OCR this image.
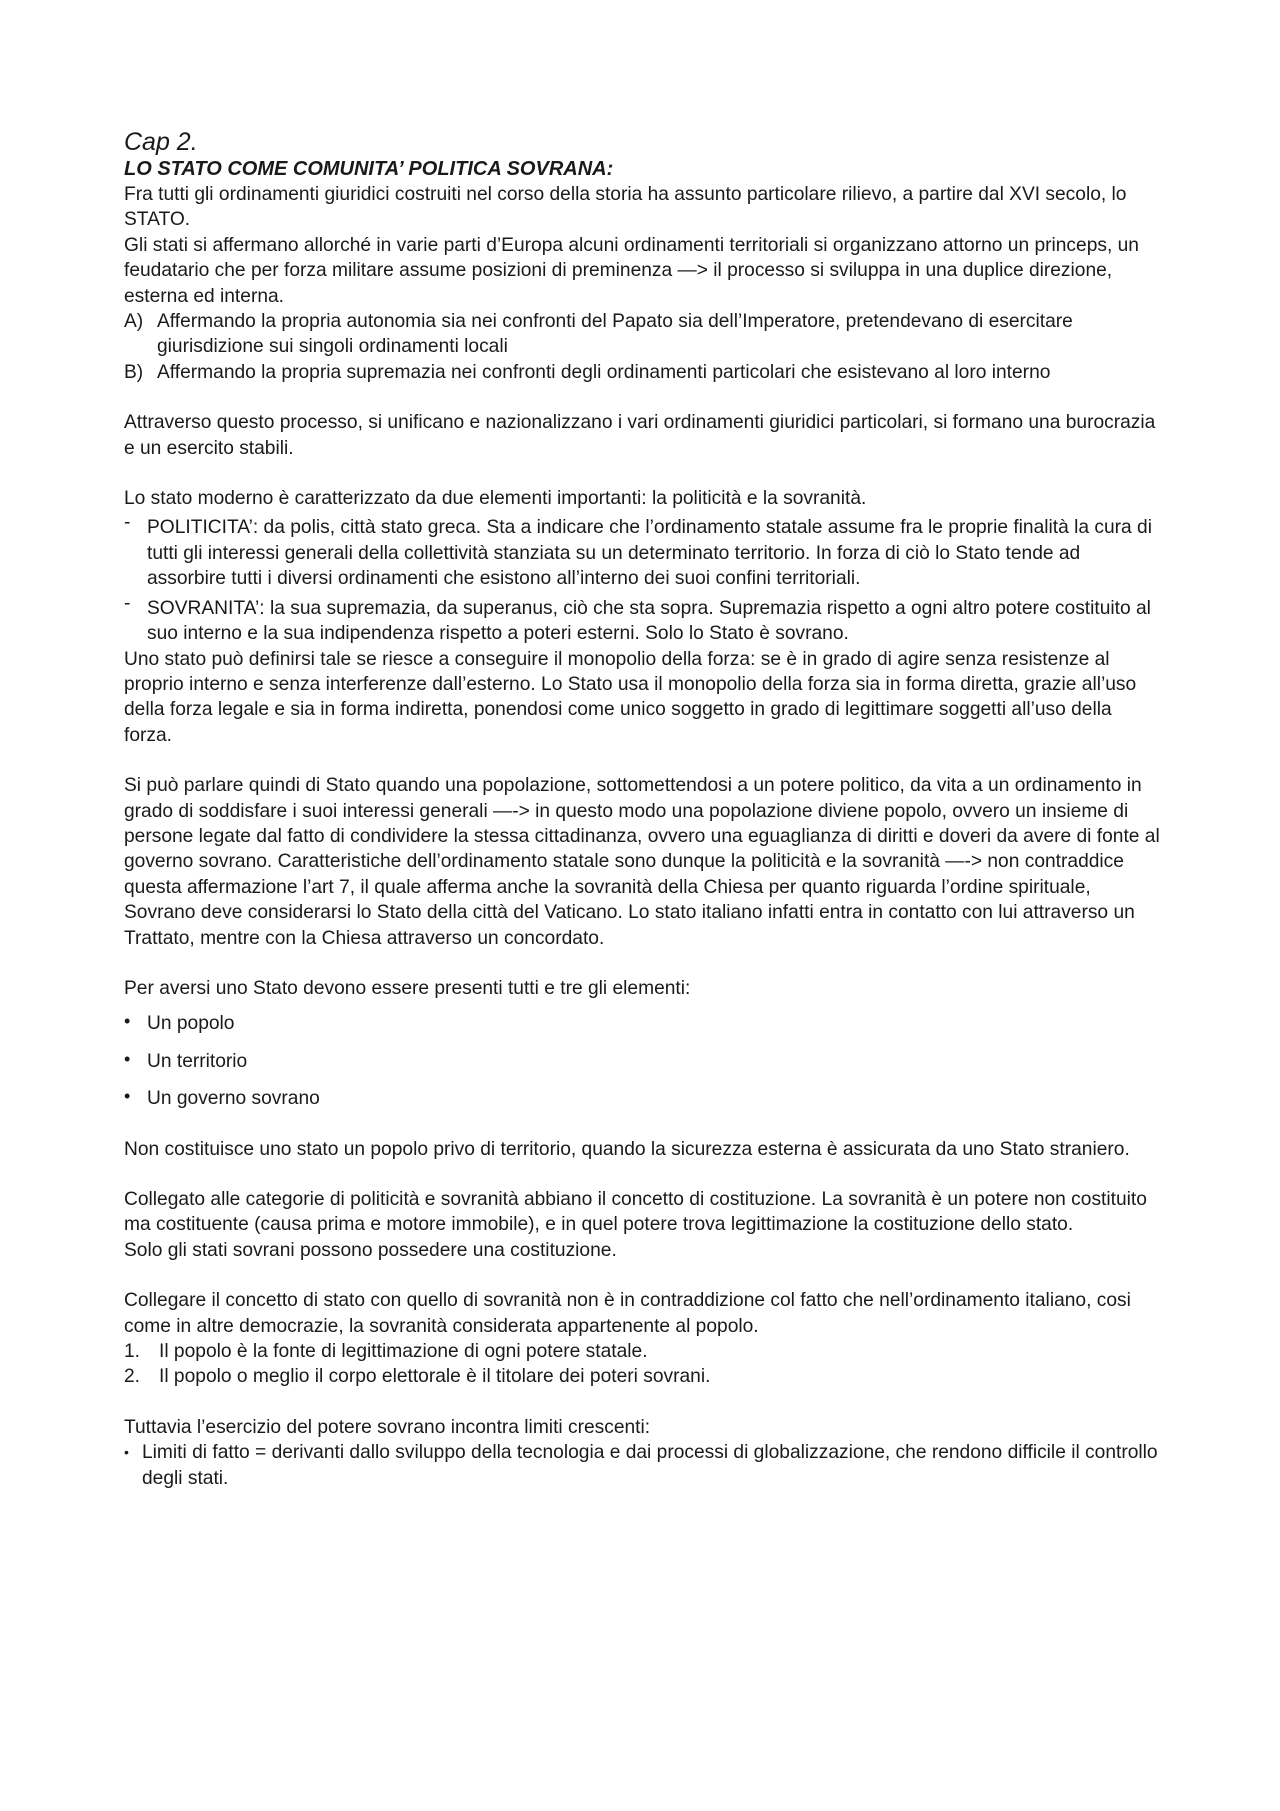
Cap 2.
LO STATO COME COMUNITA’ POLITICA SOVRANA:

Fra tutti gli ordinamenti giuridici costruiti nel corso della storia ha assunto particolare rilievo, a partire dal XVI secolo, lo STATO.

Gli stati si affermano allorché in varie parti d’Europa alcuni ordinamenti territoriali si organizzano attorno un princeps, un feudatario che per forza militare assume posizioni di preminenza —> il processo si sviluppa in una duplice direzione, esterna ed interna.

A) Affermando la propria autonomia sia nei confronti del Papato sia dell’Imperatore, pretendevano di esercitare giurisdizione sui singoli ordinamenti locali
B) Affermando la propria supremazia nei confronti degli ordinamenti particolari che esistevano al loro interno

Attraverso questo processo, si unificano e nazionalizzano i vari ordinamenti giuridici particolari, si formano una burocrazia e un esercito stabili.

Lo stato moderno è caratterizzato da due elementi importanti: la politicità e la sovranità.

- POLITICITA’: da polis, città stato greca. Sta a indicare che l’ordinamento statale assume fra le proprie finalità la cura di tutti gli interessi generali della collettività stanziata su un determinato territorio. In forza di ciò lo Stato tende ad assorbire tutti i diversi ordinamenti che esistono all’interno dei suoi confini territoriali.
- SOVRANITA’: la sua supremazia, da superanus, ciò che sta sopra. Supremazia rispetto a ogni altro potere costituito al suo interno e la sua indipendenza rispetto a poteri esterni. Solo lo Stato è sovrano.

Uno stato può definirsi tale se riesce a conseguire il monopolio della forza: se è in grado di agire senza resistenze al proprio interno e senza interferenze dall’esterno. Lo Stato usa il monopolio della forza sia in forma diretta, grazie all’uso della forza legale e sia in forma indiretta, ponendosi come unico soggetto in grado di legittimare soggetti all’uso della forza.

Si può parlare quindi di Stato quando una popolazione, sottomettendosi a un potere politico, da vita a un ordinamento in grado di soddisfare i suoi interessi generali —-> in questo modo una popolazione diviene popolo, ovvero un insieme di persone legate dal fatto di condividere la stessa cittadinanza, ovvero una eguaglianza di diritti e doveri da avere di fonte al governo sovrano. Caratteristiche dell’ordinamento statale sono dunque la politicità e la sovranità —-> non contraddice questa affermazione l’art 7, il quale afferma anche la sovranità della Chiesa per quanto riguarda l’ordine spirituale, Sovrano deve considerarsi lo Stato della città del Vaticano. Lo stato italiano infatti entra in contatto con lui attraverso un Trattato, mentre con la Chiesa attraverso un concordato.

Per aversi uno Stato devono essere presenti tutti e tre gli elementi:

• Un popolo
• Un territorio
• Un governo sovrano

Non costituisce uno stato un popolo privo di territorio, quando la sicurezza esterna è assicurata da uno Stato straniero.

Collegato alle categorie di politicità e sovranità abbiano il concetto di costituzione. La sovranità è un potere non costituito ma costituente (causa prima e motore immobile), e in quel potere trova legittimazione la costituzione dello stato.

Solo gli stati sovrani possono possedere una costituzione.

Collegare il concetto di stato con quello di sovranità non è in contraddizione col fatto che nell’ordinamento italiano, cosi come in altre democrazie, la sovranità considerata appartenente al popolo.

1. Il popolo è la fonte di legittimazione di ogni potere statale.
2. Il popolo o meglio il corpo elettorale è il titolare dei poteri sovrani.

Tuttavia l’esercizio del potere sovrano incontra limiti crescenti:

• Limiti di fatto = derivanti dallo sviluppo della tecnologia e dai processi di globalizzazione, che rendono difficile il controllo degli stati.
